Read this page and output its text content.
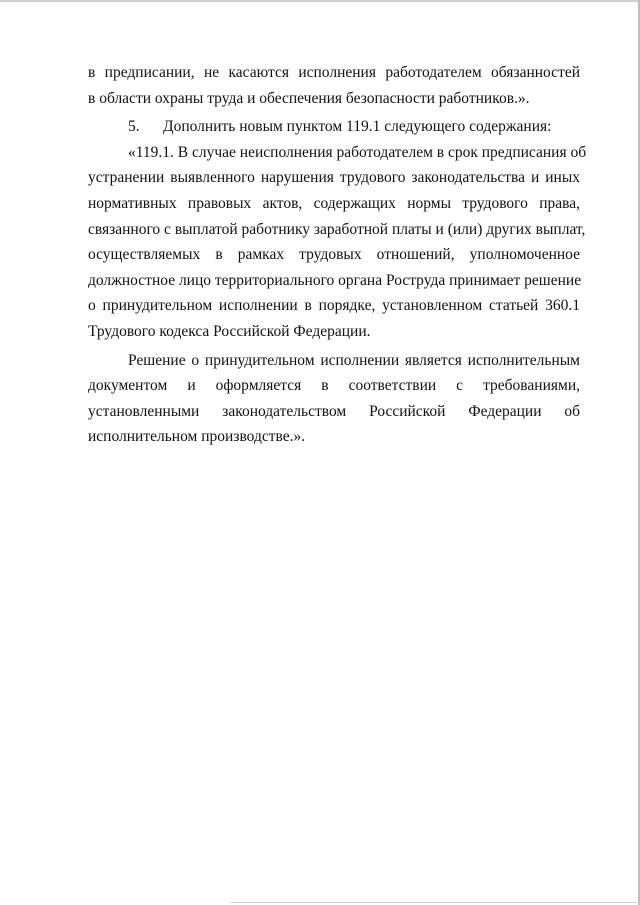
в предписании, не касаются исполнения работодателем обязанностей
в области охраны труда и обеспечения безопасности работников.».
5. Дополнить новым пунктом 119.1 следующего содержания:
«119.1. В случае неисполнения работодателем в срок предписания об
устранении выявленного нарушения трудового законодательства и иных
нормативных правовых актов, содержащих нормы трудового права,
связанного с выплатой работнику заработной платы и (или) других выплат,
осуществляемых в рамках трудовых отношений, уполномоченное
должностное лицо территориального органа Роструда принимает решение
о принудительном исполнении в порядке, установленном статьей 360.1
Трудового кодекса Российской Федерации.
Решение о принудительном исполнении является исполнительным
документом и оформляется в соответствии с требованиями,
установленными законодательством Российской Федерации об
исполнительном производстве.».
